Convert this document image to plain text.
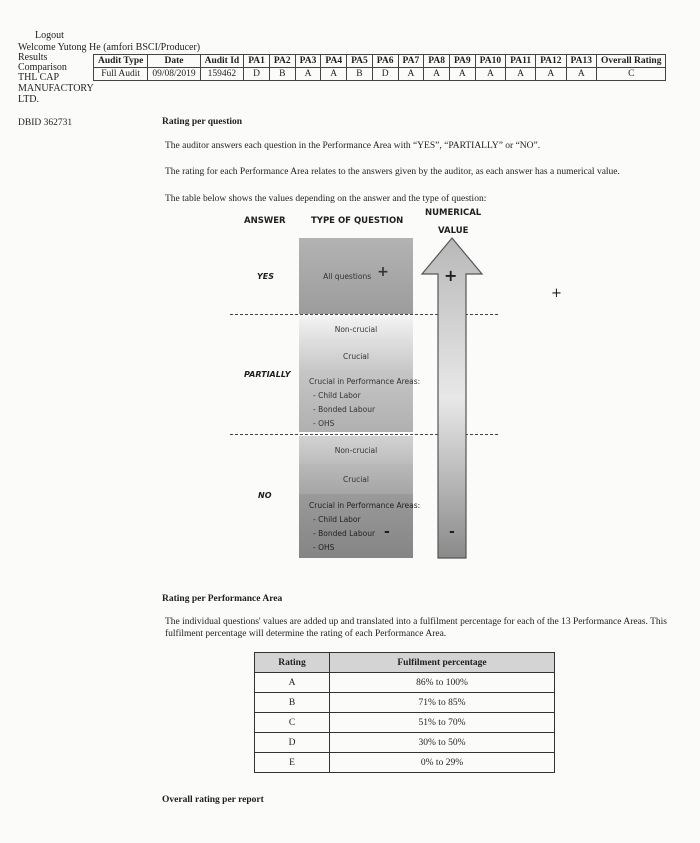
Logout
Welcome Yutong He (amfori BSCI/Producer)
Results
Comparison
THL CAP
MANUFACTORY
LTD.
Audit Type	Date	Audit Id	PA1	PA2	PA3	PA4	PA5	PA6	PA7	PA8	PA9	PA10	PA11	PA12	PA13	Overall Rating
Full Audit	09/08/2019	159462	D	B	A	A	B	D	A	A	A	A	A	A	A	C
DBID 362731	Rating per question
The auditor answers each question in the Performance Area with “YES”, “PARTIALLY” or “NO”.
The rating for each Performance Area relates to the answers given by the auditor, as each answer has a numerical value.
The table below shows the values depending on the answer and the type of question:
ANSWER	TYPE OF QUESTION
NUMERICAL
VALUE
YES
PARTIALLY
NO
All questions +
Non-crucial
Crucial
Crucial in Performance Areas:
- Child Labor
- Bonded Labour
- OHS
Non-crucial
Crucial
Crucial in Performance Areas:
- Child Labor
- Bonded Labour
- OHS
-
+
-
+
Rating per Performance Area
The individual questions' values are added up and translated into a fulfilment percentage for each of the 13 Performance Areas. This fulfilment percentage will determine the rating of each Performance Area.
Rating	Fulfilment percentage
A	86% to 100%
B	71% to 85%
C	51% to 70%
D	30% to 50%
E	0% to 29%
Overall rating per report
